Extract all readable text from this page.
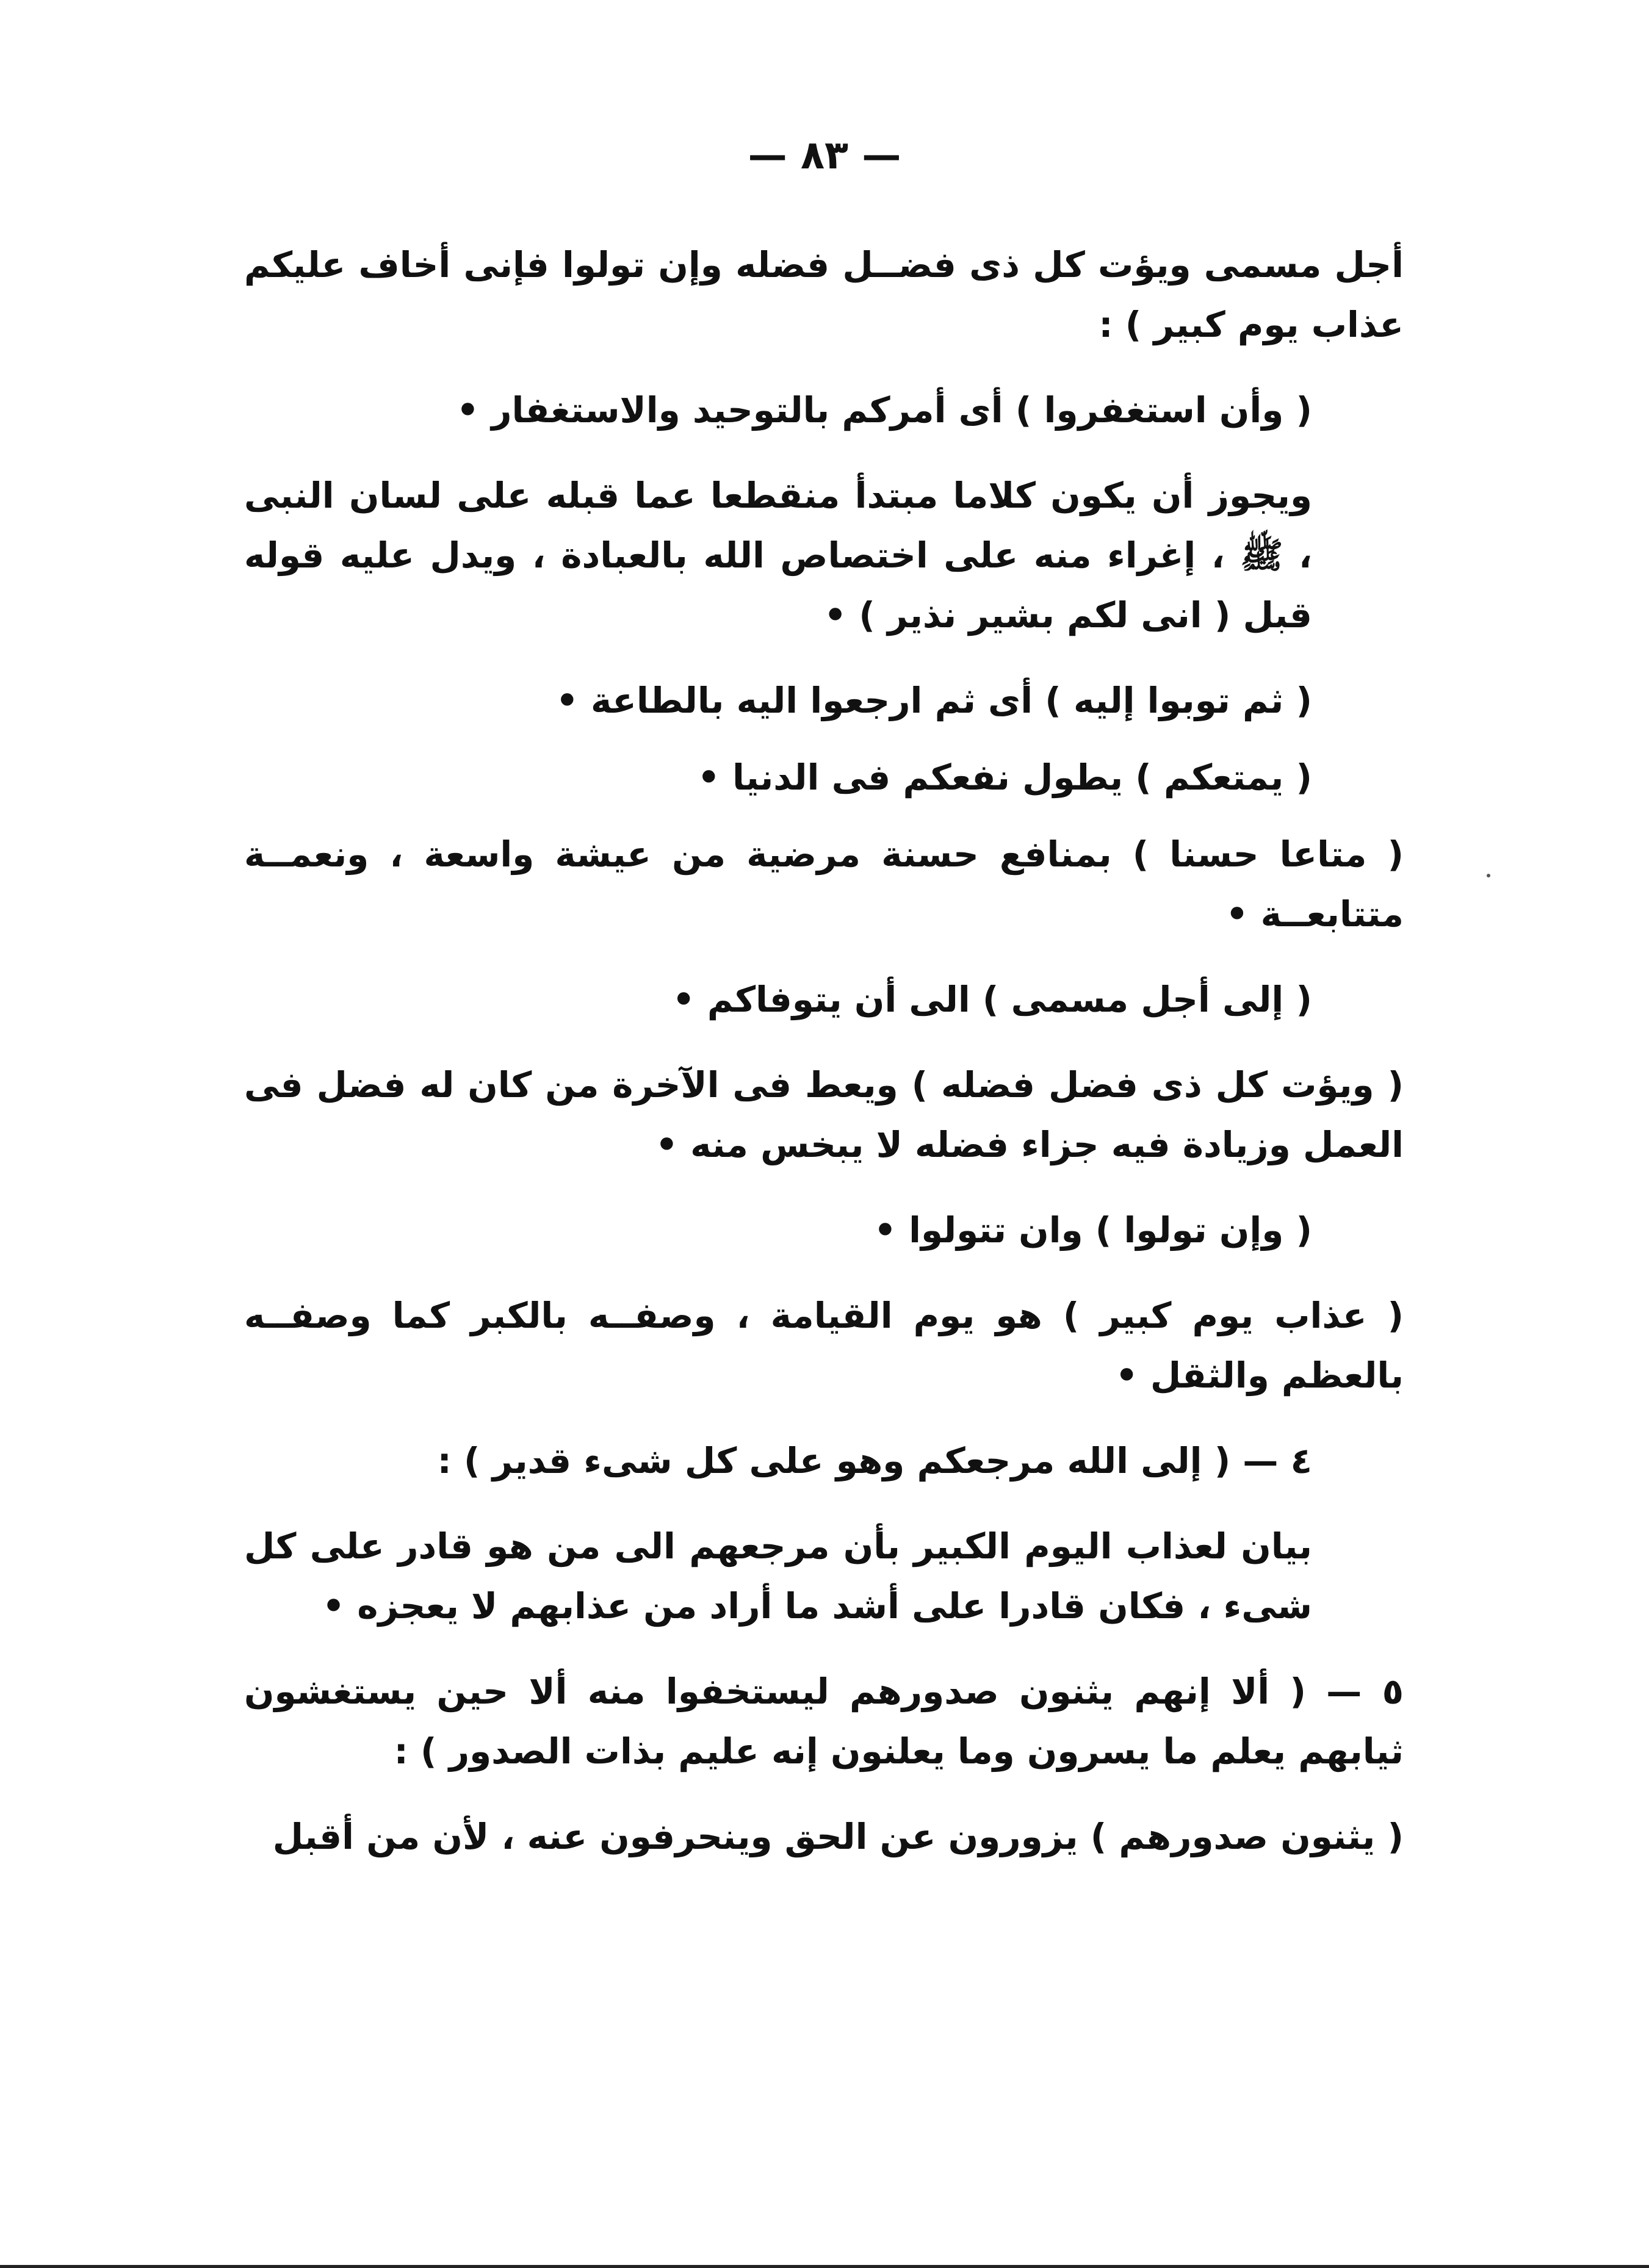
— ٨٣ —

أجل مسمى ويؤت كل ذى فضــل فضله وإن تولوا فإنى أخاف عليكم عذاب يوم كبير ) :

( وأن استغفروا ) أى أمركم بالتوحيد والاستغفار •

ويجوز أن يكون كلاما مبتدأ منقطعا عما قبله على لسان النبى ، ﷺ ، إغراء منه على اختصاص الله بالعبادة ، ويدل عليه قوله قبل ( انى لكم بشير نذير ) •

( ثم توبوا إليه ) أى ثم ارجعوا اليه بالطاعة •

( يمتعكم ) يطول نفعكم فى الدنيا •

( متاعا حسنا ) بمنافع حسنة مرضية من عيشة واسعة ، ونعمــة متتابعــة •

( إلى أجل مسمى ) الى أن يتوفاكم •

( ويؤت كل ذى فضل فضله ) ويعط فى الآخرة من كان له فضل فى العمل وزيادة فيه جزاء فضله لا يبخس منه •

( وإن تولوا ) وان تتولوا •

( عذاب يوم كبير ) هو يوم القيامة ، وصفــه بالكبر كما وصفــه بالعظم والثقل •

٤ — ( إلى الله مرجعكم وهو على كل شىء قدير ) :

بيان لعذاب اليوم الكبير بأن مرجعهم الى من هو قادر على كل شىء ، فكان قادرا على أشد ما أراد من عذابهم لا يعجزه •

٥ — ( ألا إنهم يثنون صدورهم ليستخفوا منه ألا حين يستغشون ثيابهم يعلم ما يسرون وما يعلنون إنه عليم بذات الصدور ) :

( يثنون صدورهم ) يزورون عن الحق وينحرفون عنه ، لأن من أقبل
